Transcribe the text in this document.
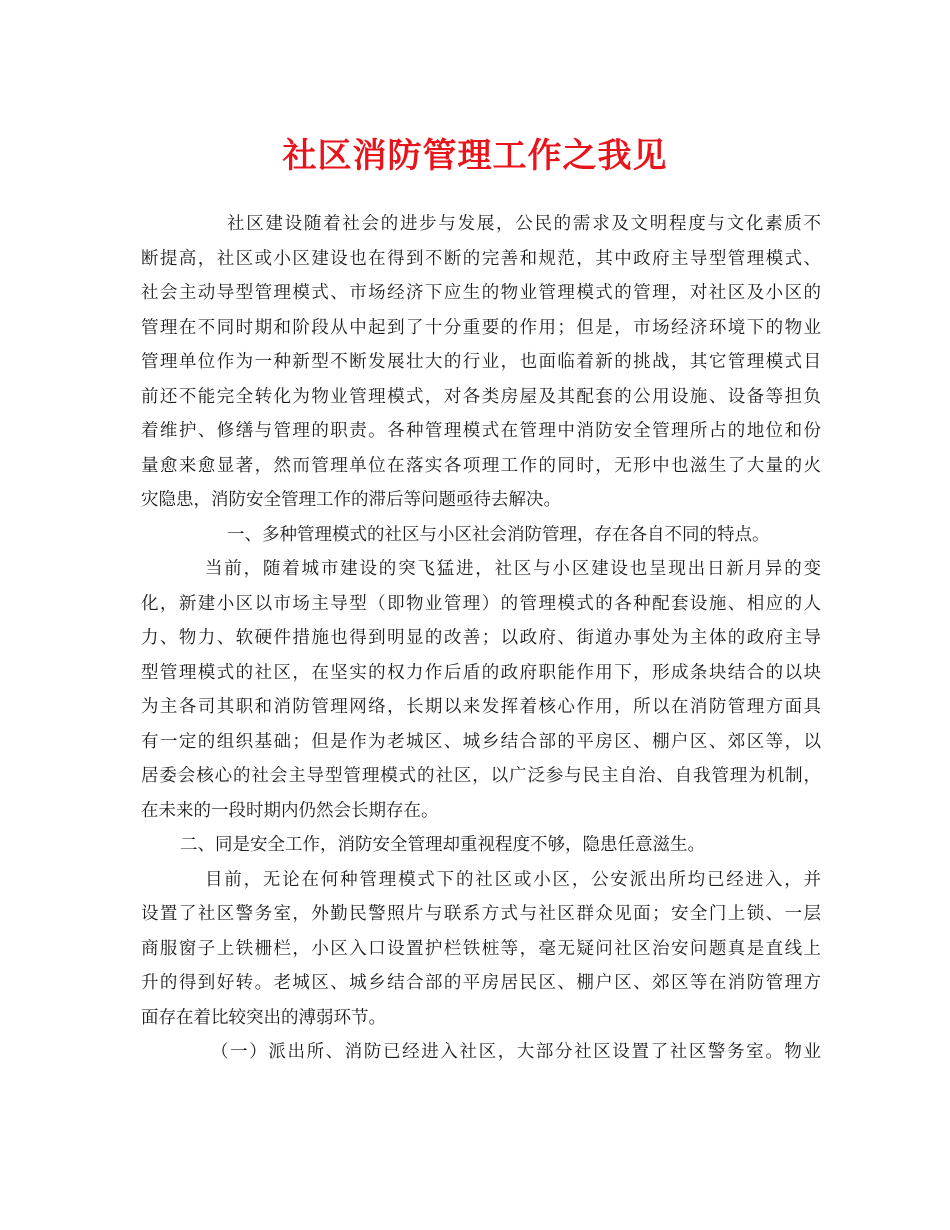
社区消防管理工作之我见
社区建设随着社会的进步与发展，公民的需求及文明程度与文化素质不
断提高，社区或小区建设也在得到不断的完善和规范，其中政府主导型管理模式、
社会主动导型管理模式、市场经济下应生的物业管理模式的管理，对社区及小区的
管理在不同时期和阶段从中起到了十分重要的作用；但是，市场经济环境下的物业
管理单位作为一种新型不断发展壮大的行业，也面临着新的挑战，其它管理模式目
前还不能完全转化为物业管理模式，对各类房屋及其配套的公用设施、设备等担负
着维护、修缮与管理的职责。各种管理模式在管理中消防安全管理所占的地位和份
量愈来愈显著，然而管理单位在落实各项理工作的同时，无形中也滋生了大量的火
灾隐患，消防安全管理工作的滞后等问题亟待去解决。
一、多种管理模式的社区与小区社会消防管理，存在各自不同的特点。
当前，随着城市建设的突飞猛进，社区与小区建设也呈现出日新月异的变
化，新建小区以市场主导型（即物业管理）的管理模式的各种配套设施、相应的人
力、物力、软硬件措施也得到明显的改善；以政府、街道办事处为主体的政府主导
型管理模式的社区，在坚实的权力作后盾的政府职能作用下，形成条块结合的以块
为主各司其职和消防管理网络，长期以来发挥着核心作用，所以在消防管理方面具
有一定的组织基础；但是作为老城区、城乡结合部的平房区、棚户区、郊区等，以
居委会核心的社会主导型管理模式的社区，以广泛参与民主自治、自我管理为机制，
在未来的一段时期内仍然会长期存在。
二、同是安全工作，消防安全管理却重视程度不够，隐患任意滋生。
目前，无论在何种管理模式下的社区或小区，公安派出所均已经进入，并
设置了社区警务室，外勤民警照片与联系方式与社区群众见面；安全门上锁、一层
商服窗子上铁栅栏，小区入口设置护栏铁桩等，毫无疑问社区治安问题真是直线上
升的得到好转。老城区、城乡结合部的平房居民区、棚户区、郊区等在消防管理方
面存在着比较突出的溥弱环节。
（一）派出所、消防已经进入社区，大部分社区设置了社区警务室。物业
